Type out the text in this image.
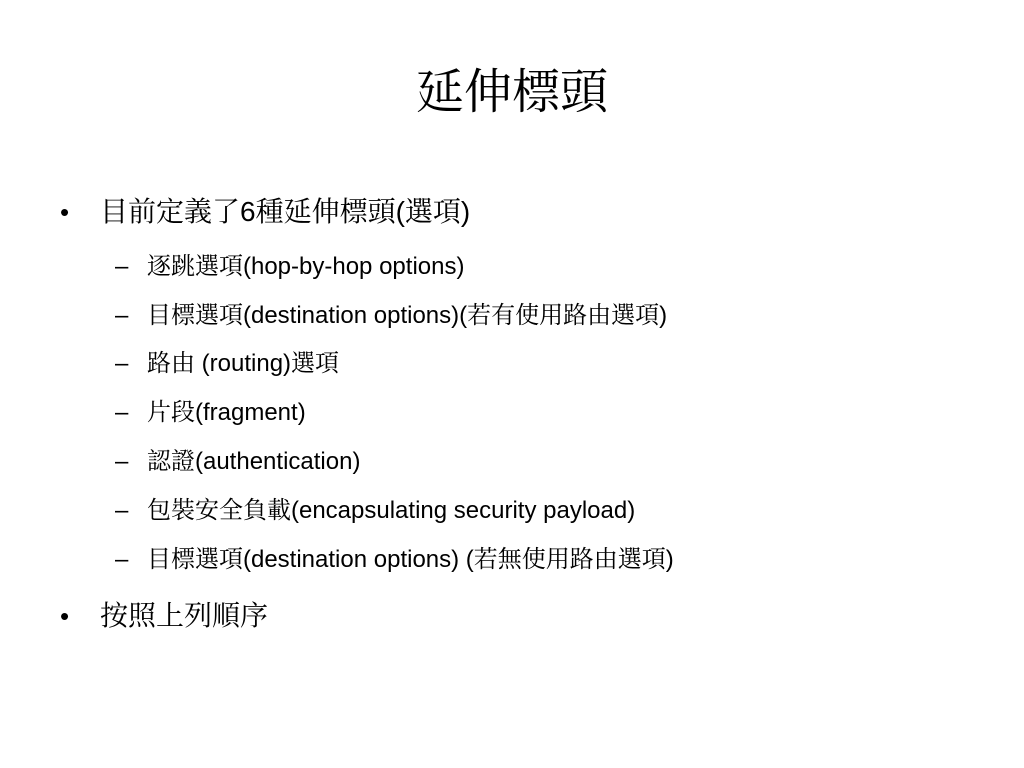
延伸標頭
•	目前定義了6種延伸標頭(選項)
– 逐跳選項(hop-by-hop options)
– 目標選項(destination options)(若有使用路由選項)
– 路由 (routing)選項
– 片段(fragment)
– 認證(authentication)
– 包裝安全負載(encapsulating security payload)
– 目標選項(destination options) (若無使用路由選項)
•	按照上列順序
